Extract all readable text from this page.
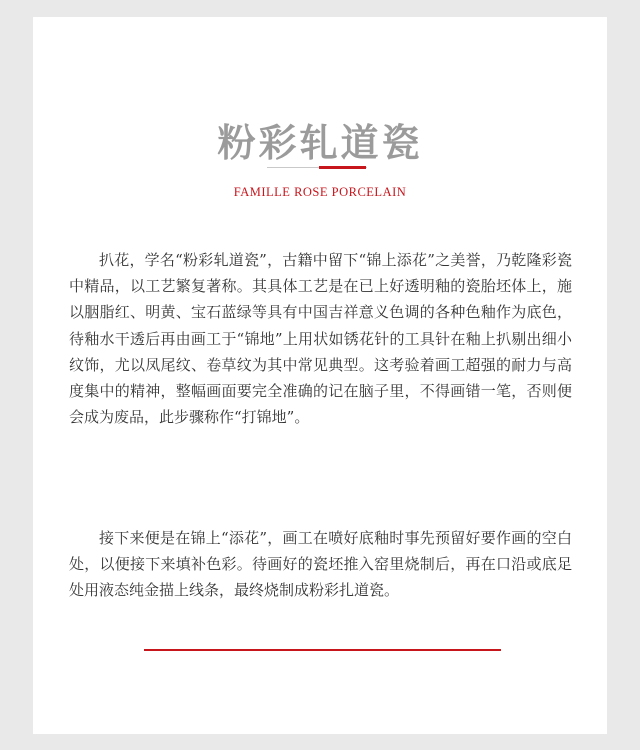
粉彩轧道瓷
FAMILLE ROSE PORCELAIN

扒花，学名“粉彩轧道瓷”，古籍中留下“锦上添花”之美誉，乃乾隆彩瓷中精品，以工艺繁复著称。其具体工艺是在已上好透明釉的瓷胎坯体上，施以胭脂红、明黄、宝石蓝绿等具有中国吉祥意义色调的各种色釉作为底色，待釉水干透后再由画工于“锦地”上用状如锈花针的工具针在釉上扒剔出细小纹饰，尤以凤尾纹、卷草纹为其中常见典型。这考验着画工超强的耐力与高度集中的精神，整幅画面要完全准确的记在脑子里，不得画错一笔，否则便会成为废品，此步骤称作“打锦地”。

接下来便是在锦上“添花”，画工在喷好底釉时事先预留好要作画的空白处，以便接下来填补色彩。待画好的瓷坯推入窑里烧制后，再在口沿或底足处用液态纯金描上线条，最终烧制成粉彩扎道瓷。
